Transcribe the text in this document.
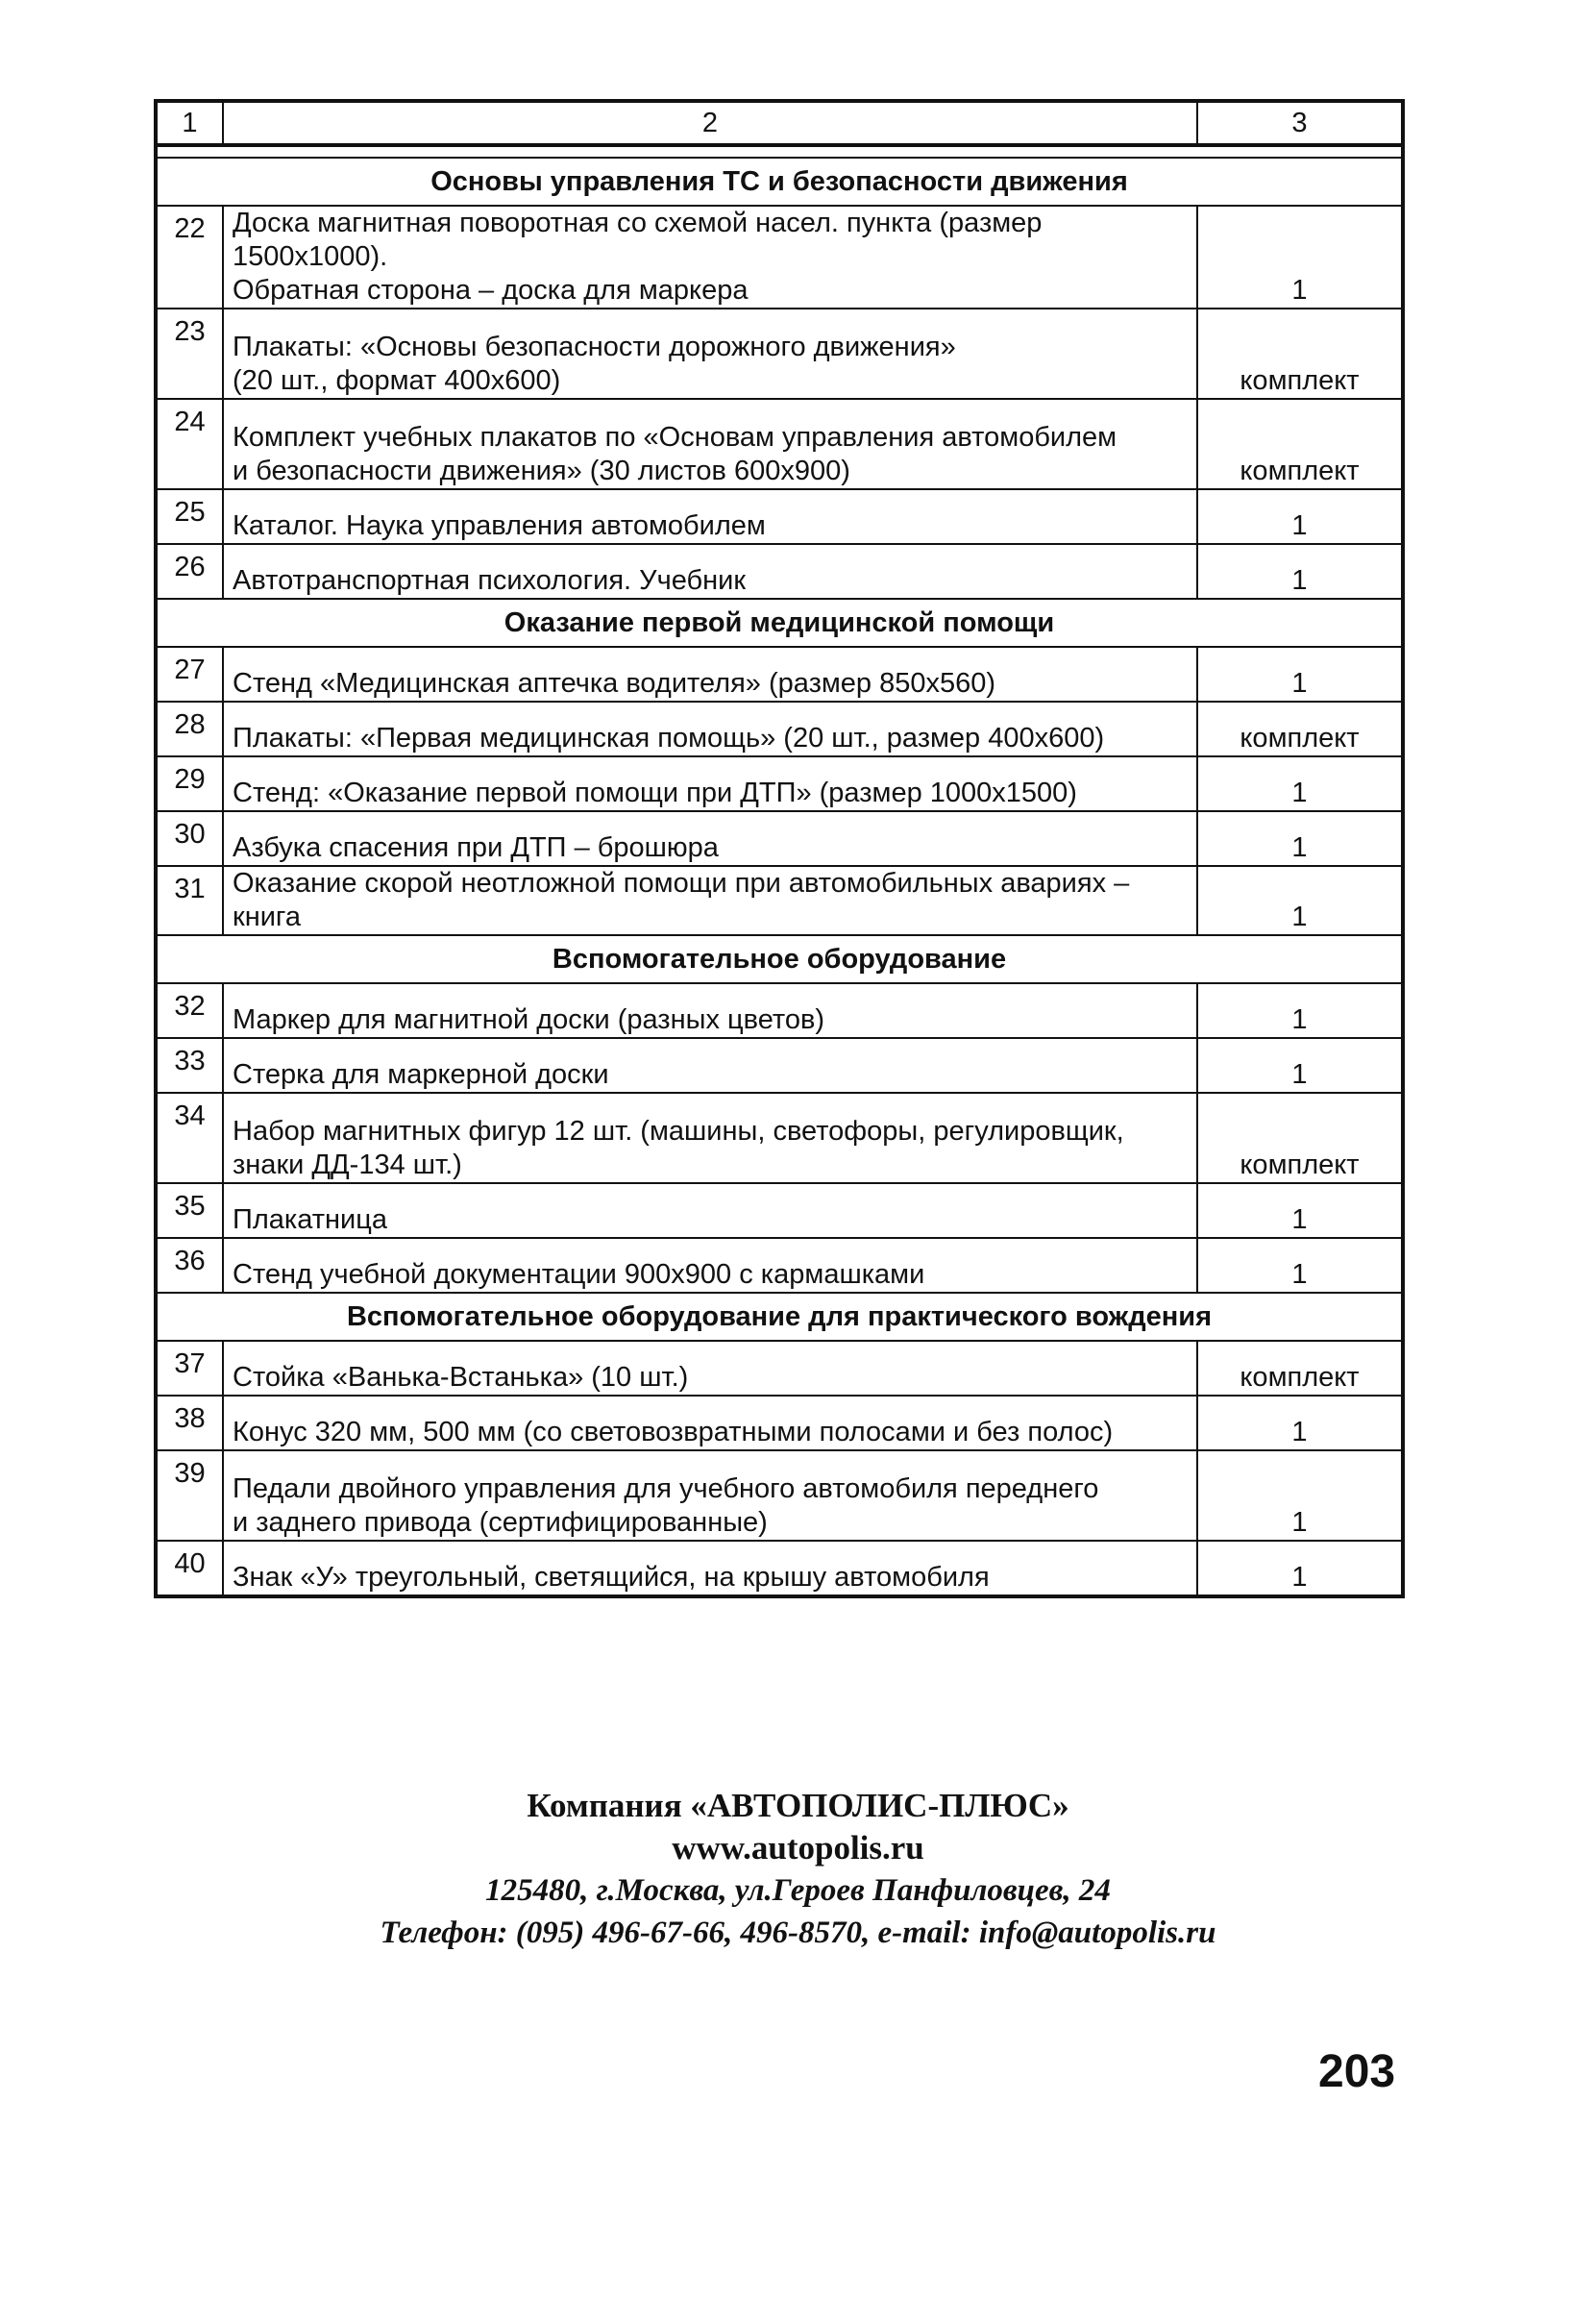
1	2	3

Основы управления ТС и безопасности движения		
22	Доска магнитная поворотная со схемой насел. пункта (размер 1500х1000).
Обратная сторона – доска для маркера	1
23	Плакаты: «Основы безопасности дорожного движения»
(20 шт., формат 400х600)	комплект
24	Комплект учебных плакатов по «Основам управления автомобилем
и безопасности движения» (30 листов 600х900)	комплект
25	Каталог. Наука управления автомобилем	1
26	Автотранспортная психология. Учебник	1
Оказание первой медицинской помощи		
27	Стенд «Медицинская аптечка водителя» (размер 850х560)	1
28	Плакаты: «Первая медицинская помощь» (20 шт., размер 400х600)	комплект
29	Стенд: «Оказание первой помощи при ДТП» (размер 1000х1500)	1
30	Азбука спасения при ДТП – брошюра	1
31	Оказание скорой неотложной помощи при автомобильных авариях – книга	1
Вспомогательное оборудование		
32	Маркер для магнитной доски (разных цветов)	1
33	Стерка для маркерной доски	1
34	Набор магнитных фигур 12 шт. (машины, светофоры, регулировщик,
знаки ДД-134 шт.)	комплект
35	Плакатница	1
36	Стенд учебной документации 900х900 с кармашками	1
Вспомогательное оборудование для практического вождения		
37	Стойка «Ванька-Встанька» (10 шт.)	комплект
38	Конус 320 мм, 500 мм (со световозвратными полосами и без полос)	1
39	Педали двойного управления для учебного автомобиля переднего
и заднего привода (сертифицированные)	1
40	Знак «У» треугольный, светящийся, на крышу автомобиля	1
Компания «АВТОПОЛИС-ПЛЮС»
www.autopolis.ru
125480, г.Москва, ул.Героев Панфиловцев, 24
Телефон: (095) 496-67-66, 496-8570, e-mail: info@autopolis.ru
203
